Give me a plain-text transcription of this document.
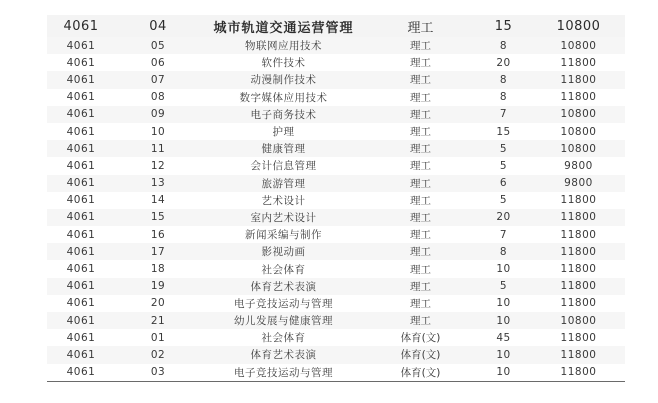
4061	04	城市轨道交通运营管理	理工	15	10800
4061	05	物联网应用技术	理工	8	10800
4061	06	软件技术	理工	20	11800
4061	07	动漫制作技术	理工	8	11800
4061	08	数字媒体应用技术	理工	8	11800
4061	09	电子商务技术	理工	7	10800
4061	10	护理	理工	15	10800
4061	11	健康管理	理工	5	10800
4061	12	会计信息管理	理工	5	9800
4061	13	旅游管理	理工	6	9800
4061	14	艺术设计	理工	5	11800
4061	15	室内艺术设计	理工	20	11800
4061	16	新闻采编与制作	理工	7	11800
4061	17	影视动画	理工	8	11800
4061	18	社会体育	理工	10	11800
4061	19	体育艺术表演	理工	5	11800
4061	20	电子竞技运动与管理	理工	10	11800
4061	21	幼儿发展与健康管理	理工	10	10800
4061	01	社会体育	体育(文)	45	11800
4061	02	体育艺术表演	体育(文)	10	11800
4061	03	电子竞技运动与管理	体育(文)	10	11800
